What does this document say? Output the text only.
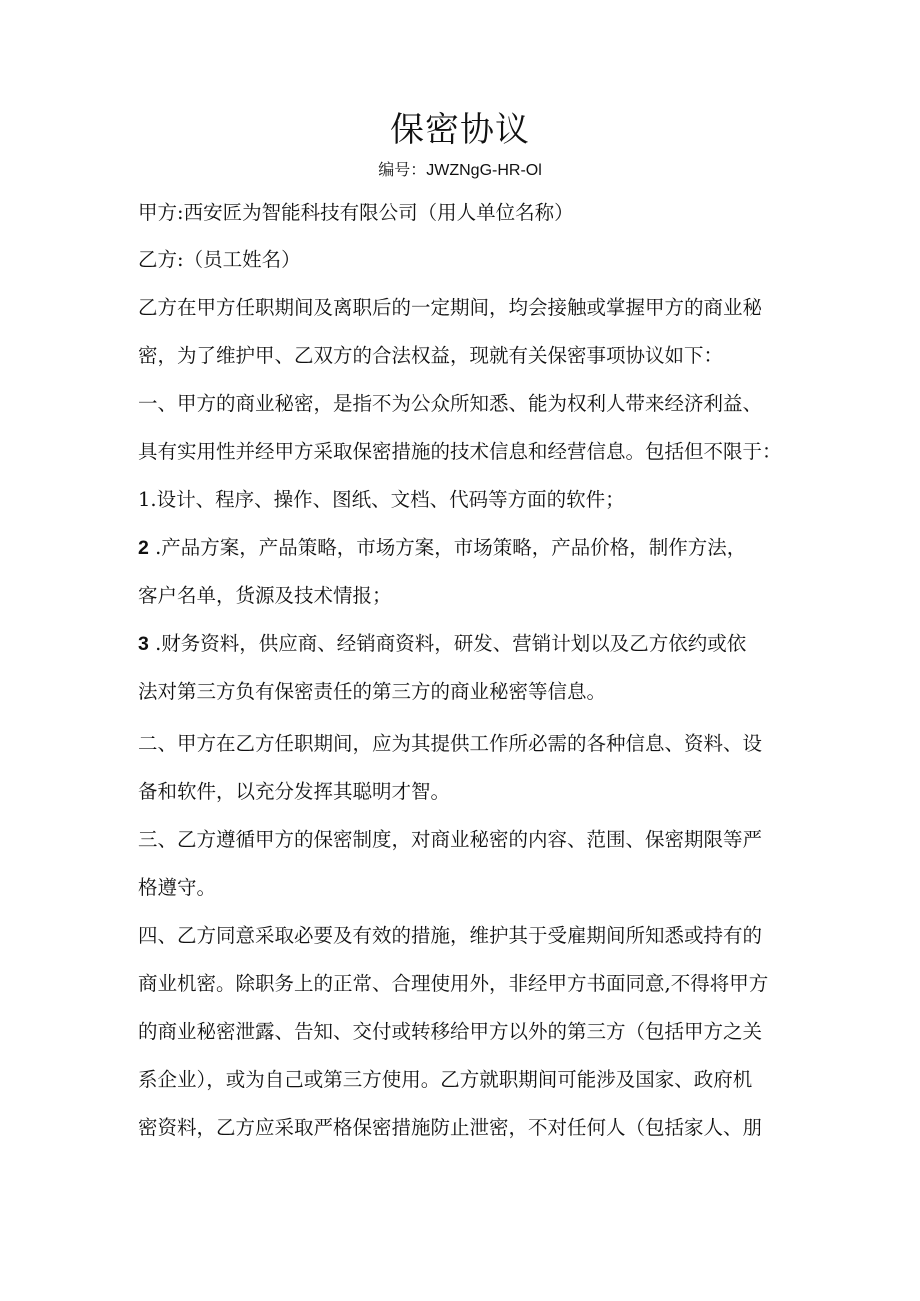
保密协议
编号：JWZNgG-HR-Ol
甲方:西安匠为智能科技有限公司（用人单位名称）
乙方:（员工姓名）
乙方在甲方任职期间及离职后的一定期间，均会接触或掌握甲方的商业秘
密，为了维护甲、乙双方的合法权益，现就有关保密事项协议如下：
一、甲方的商业秘密，是指不为公众所知悉、能为权利人带来经济利益、
具有实用性并经甲方采取保密措施的技术信息和经营信息。包括但不限于：
1.设计、程序、操作、图纸、文档、代码等方面的软件；
2 .产品方案，产品策略，市场方案，市场策略，产品价格，制作方法，
客户名单，货源及技术情报；
3 .财务资料，供应商、经销商资料，研发、营销计划以及乙方依约或依
法对第三方负有保密责任的第三方的商业秘密等信息。
二、甲方在乙方任职期间，应为其提供工作所必需的各种信息、资料、设
备和软件，以充分发挥其聪明才智。
三、乙方遵循甲方的保密制度，对商业秘密的内容、范围、保密期限等严
格遵守。
四、乙方同意采取必要及有效的措施，维护其于受雇期间所知悉或持有的
商业机密。除职务上的正常、合理使用外，非经甲方书面同意,不得将甲方
的商业秘密泄露、告知、交付或转移给甲方以外的第三方（包括甲方之关
系企业），或为自己或第三方使用。乙方就职期间可能涉及国家、政府机
密资料，乙方应采取严格保密措施防止泄密，不对任何人（包括家人、朋
